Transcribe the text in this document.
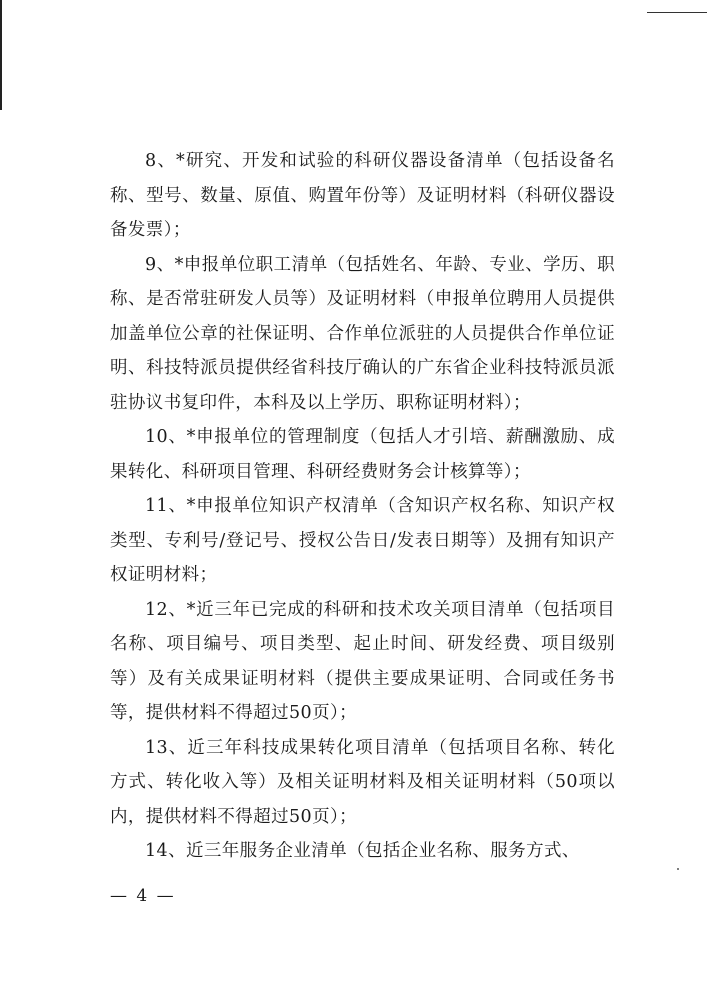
8、*研究、开发和试验的科研仪器设备清单（包括设备名称、型号、数量、原值、购置年份等）及证明材料（科研仪器设备发票）；

9、*申报单位职工清单（包括姓名、年龄、专业、学历、职称、是否常驻研发人员等）及证明材料（申报单位聘用人员提供加盖单位公章的社保证明、合作单位派驻的人员提供合作单位证明、科技特派员提供经省科技厅确认的广东省企业科技特派员派驻协议书复印件，本科及以上学历、职称证明材料）；

10、*申报单位的管理制度（包括人才引培、薪酬激励、成果转化、科研项目管理、科研经费财务会计核算等）；

11、*申报单位知识产权清单（含知识产权名称、知识产权类型、专利号/登记号、授权公告日/发表日期等）及拥有知识产权证明材料；

12、*近三年已完成的科研和技术攻关项目清单（包括项目名称、项目编号、项目类型、起止时间、研发经费、项目级别等）及有关成果证明材料（提供主要成果证明、合同或任务书等，提供材料不得超过50页）；

13、近三年科技成果转化项目清单（包括项目名称、转化方式、转化收入等）及相关证明材料及相关证明材料（50项以内，提供材料不得超过50页）；

14、近三年服务企业清单（包括企业名称、服务方式、

— 4 —
